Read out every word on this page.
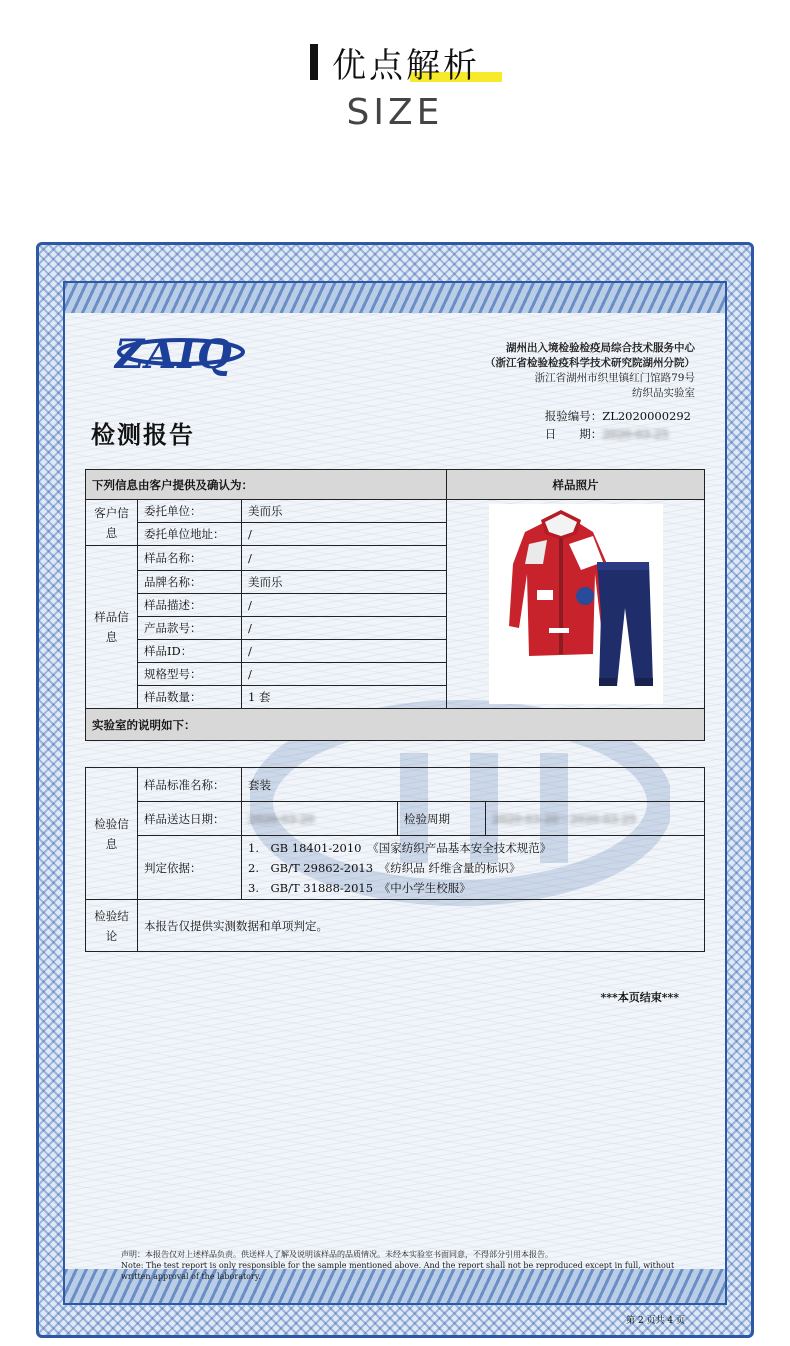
优点解析
SIZE
ZAIQ	湖州出入境检验检疫局综合技术服务中心
（浙江省检验检疫科学技术研究院湖州分院）
浙江省湖州市织里镇红门馆路79号
纺织品实验室
检测报告
报验编号：ZL2020000292
日　　期：2020-03-25
下列信息由客户提供及确认为：			样品照片
客户信息	委托单位：	美而乐	

	委托单位地址：	/	
样品信息	样品名称：	/	
	品牌名称：	美而乐	
	样品描述：	/	
	产品款号：	/	
	样品ID：	/	
	规格型号：	/	
	样品数量：	1 套	
实验室的说明如下：			
检验信息	样品标准名称：	套装		
	样品送达日期：	2020-03-20	检验周期	2020-03-20～2020-03-25
	判定依据：	1.　GB 18401-2010　《国家纺织产品基本安全技术规范》
2.　GB/T 29862-2013　《纺织品 纤维含量的标识》
3.　GB/T 31888-2015　《中小学生校服》		

检验结论	本报告仅提供实测数据和单项判定。			
***本页结束***
声明：本报告仅对上述样品负责。供送样人了解及说明该样品的品质情况。未经本实验室书面同意，不得部分引用本报告。
Note: The test report is only responsible for the sample mentioned above. And the report shall not be reproduced except in full, without written approval of the laboratory.
第 2 页共 4 页
